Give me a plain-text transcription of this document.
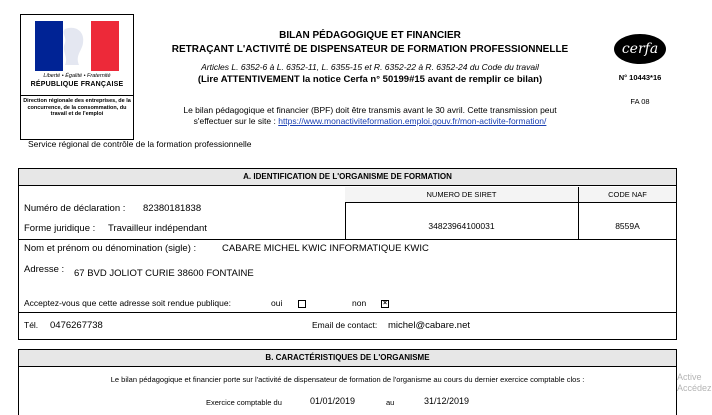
Liberté • Égalité • Fraternité
RÉPUBLIQUE FRANÇAISE
Direction régionale des entreprises, de la concurrence, de la consommation, du travail et de l'emploi
Service régional de contrôle de la formation professionnelle
BILAN PÉDAGOGIQUE ET FINANCIER
RETRAÇANT L'ACTIVITÉ DE DISPENSATEUR DE FORMATION PROFESSIONNELLE
Articles L. 6352-6 à L. 6352-11, L. 6355-15 et R. 6352-22 à R. 6352-24 du Code du travail
(Lire ATTENTIVEMENT la notice Cerfa n° 50199#15 avant de remplir ce bilan)
Le bilan pédagogique et financier (BPF) doit être transmis avant le 30 avril. Cette transmission peut
s'effectuer sur le site : https://www.monactiviteformation.emploi.gouv.fr/mon-activite-formation/
cerfa
N° 10443*16
FA 08
A. IDENTIFICATION DE L'ORGANISME DE FORMATION
NUMERO DE SIRET	CODE NAF
34823964100031	8559A
Numéro de déclaration : 82380181838
Forme juridique : Travailleur indépendant
Nom et prénom ou dénomination (sigle) :	CABARE MICHEL KWIC INFORMATIQUE KWIC
Adresse : 67 BVD JOLIOT CURIE 38600 FONTAINE
Acceptez-vous que cette adresse soit rendue publique:	oui	non ×
Tél. 0476267738	Email de contact: michel@cabare.net
B. CARACTÉRISTIQUES DE L'ORGANISME
Le bilan pédagogique et financier porte sur l'activité de dispensateur de formation de l'organisme au cours du dernier exercice comptable clos :
Exercice comptable du	01/01/2019	au	31/12/2019
Active
Accédez
